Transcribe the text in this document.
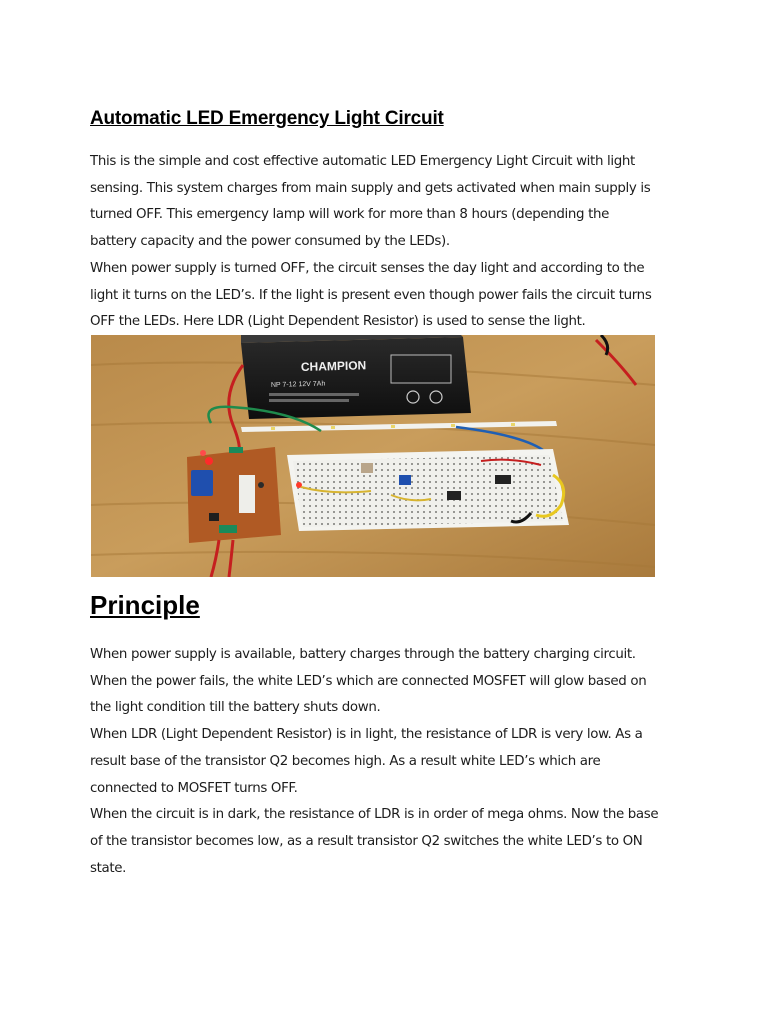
Automatic LED Emergency Light Circuit

This is the simple and cost effective automatic LED Emergency Light Circuit with light

sensing. This system charges from main supply and gets activated when main supply is

turned OFF. This emergency lamp will work for more than 8 hours (depending the

battery capacity and the power consumed by the LEDs).

When power supply is turned OFF, the circuit senses the day light and according to the

light it turns on the LED’s. If the light is present even though power fails the circuit turns

OFF the LEDs. Here LDR (Light Dependent Resistor) is used to sense the light.

CHAMPION
NP 7-12 12V 7Ah
Principle

When power supply is available, battery charges through the battery charging circuit.

When the power fails, the white LED’s which are connected MOSFET will glow based on

the light condition till the battery shuts down.

When LDR (Light Dependent Resistor) is in light, the resistance of LDR is very low. As a

result base of the transistor Q2 becomes high. As a result white LED’s which are

connected to MOSFET turns OFF.

When the circuit is in dark, the resistance of LDR is in order of mega ohms. Now the base

of the transistor becomes low, as a result transistor Q2 switches the white LED’s to ON

state.
